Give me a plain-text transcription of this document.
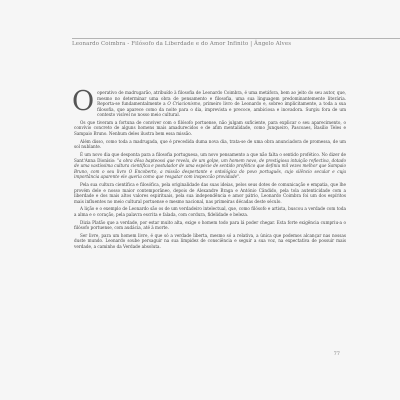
Leonardo Coimbra - Filósofo da Liberdade e do Amor Infinito | Ângelo Alves

O operativo de madrugarão, atribuído à filosofia de Leonardo Coimbra, é uma metáfora, bem ao jeito do seu autor, que, mesmo no determinar uma obra de pensamento e filosofia, uma sua linguagem predominantemente literária. Reporta-se fundamentalmente a O Criacionismo, primeiro livro de Leonardo e, sobreo implicitamente, a toda a sua filosofia, que aparece como da noite para o dia, imprevista e precoce, ambiciosa e inovadora. Surgiu fora de um contexto visível no nosso meio cultural.

Os que tiveram a fortuna de conviver com o filósofo portuense, não julgam suficiente, para explicar o seu aparecimento, o convívio concreto de alguns homens mais amadurecidos e de afim mentalidade, como Junqueiro, Pascoaes, Basílio Teles e Sampaio Bruno. Nenhum deles ilustra bem essa missão.

Além disso, como toda a madrugada, que é precedida duma nova dia, trata-se de uma obra anunciadora de promessa, de um sol nublante.

É um novo dia que desponta para a filosofia portuguesa, um novo pensamento a que não falta o sentido profético. No dizer de Sant'Anna Dionísio: "a obra dêsa bapteossi que revela, de um golpe, um homem novo, de prestigiosa intuição reflectiva, dotado de uma vastíssima cultura científica e postulador de uma espécie de sentido profético que definiu mil vezes melhor que Sampaio Bruno, com o seu livro O Encoberto, a missão despertante e ontológica do povo português, cujo silêncio secular e cuja importância aparente ele queria como que resgatar com inspeccão providade".

Pela sua cultura científica e filosófica, pela originalidade das suas ideias, pelos seus dotes de comunicação e empatia, que lhe provém dele e nosso maior contemporâneo, depois de Alexandre Braga e António Cândido, pela tola autenticidade com a liberdade e dos mais altos valores espirituais, pela sua independência e amor pátrio, Leonardo Coimbra foi um dos espíritos mais influentes no meio cultural portuense e mesmo nacional, nas primeiras décadas deste século.

A lição e o exemplo de Leonardo são os de um verdadeiro intelectual, que, como filósofo e artista, buscou a verdade com toda a alma e o coração, pela palavra escrita e falada, com cordura, fidelidade e beleza.

Dizia Platão que a verdade, por estar muito alta, exige o homem todo para lá poder chegar. Esta forte exigência cumpriu-a o filósofo portuense, com audácia, até à morte.

Ser livre, para um homem livre, é que só a verdade liberta, mesmo só a relativa, a única que podemos alcançar nas nossas duste mundo. Leonardo soube persaguir na sua limpidez de consciência e seguir a sua voz, na expectativa de possuir mais verdade, a caminho da Verdade absoluta.

77
